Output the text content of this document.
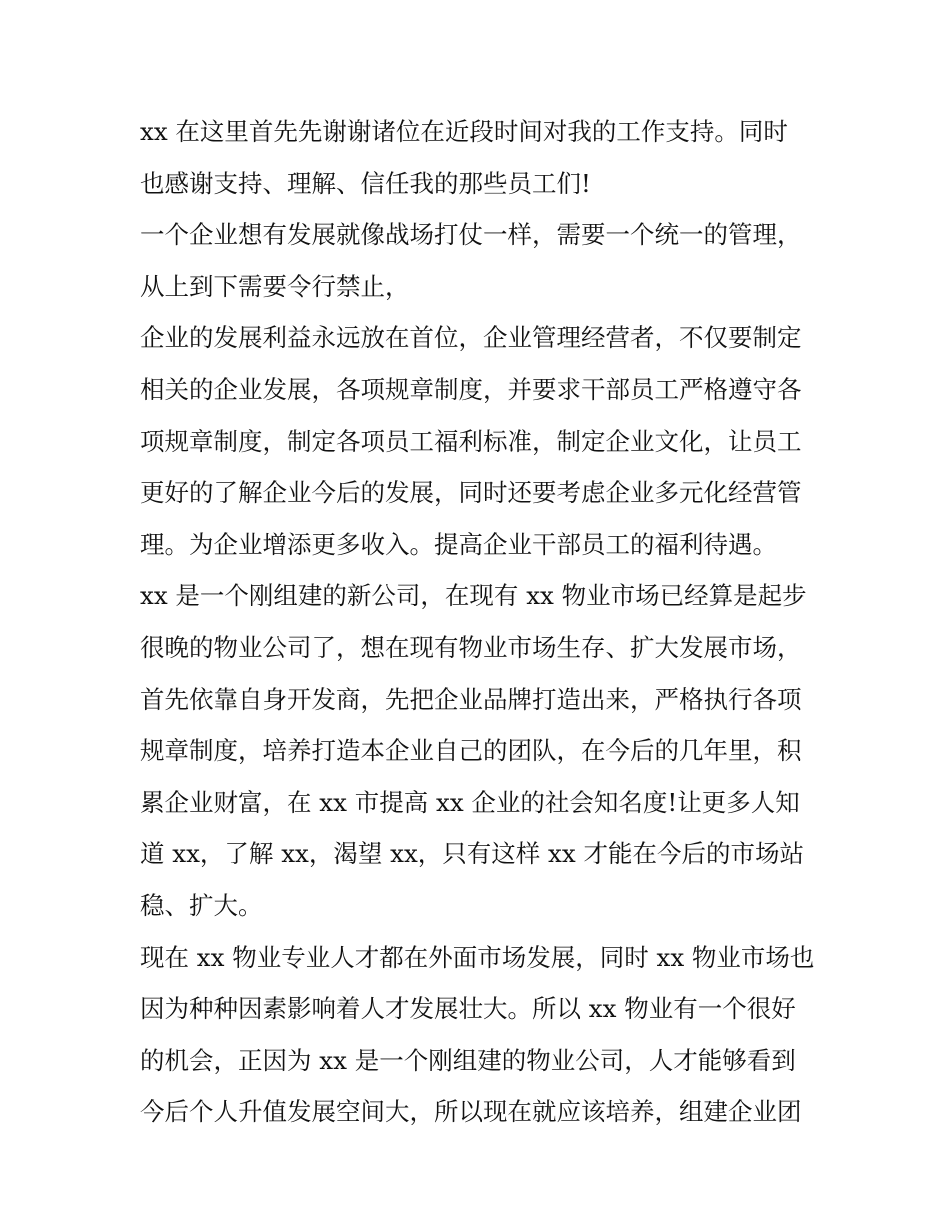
xx 在这里首先先谢谢诸位在近段时间对我的工作支持。同时
也感谢支持、理解、信任我的那些员工们!
一个企业想有发展就像战场打仗一样，需要一个统一的管理，
从上到下需要令行禁止，
企业的发展利益永远放在首位，企业管理经营者，不仅要制定
相关的企业发展，各项规章制度，并要求干部员工严格遵守各
项规章制度，制定各项员工福利标准，制定企业文化，让员工
更好的了解企业今后的发展，同时还要考虑企业多元化经营管
理。为企业增添更多收入。提高企业干部员工的福利待遇。
xx 是一个刚组建的新公司，在现有 xx 物业市场已经算是起步
很晚的物业公司了，想在现有物业市场生存、扩大发展市场，
首先依靠自身开发商，先把企业品牌打造出来，严格执行各项
规章制度，培养打造本企业自己的团队，在今后的几年里，积
累企业财富，在 xx 市提高 xx 企业的社会知名度!让更多人知
道 xx，了解 xx，渴望 xx，只有这样 xx 才能在今后的市场站
稳、扩大。
现在 xx 物业专业人才都在外面市场发展，同时 xx 物业市场也
因为种种因素影响着人才发展壮大。所以 xx 物业有一个很好
的机会，正因为 xx 是一个刚组建的物业公司，人才能够看到
今后个人升值发展空间大，所以现在就应该培养，组建企业团
